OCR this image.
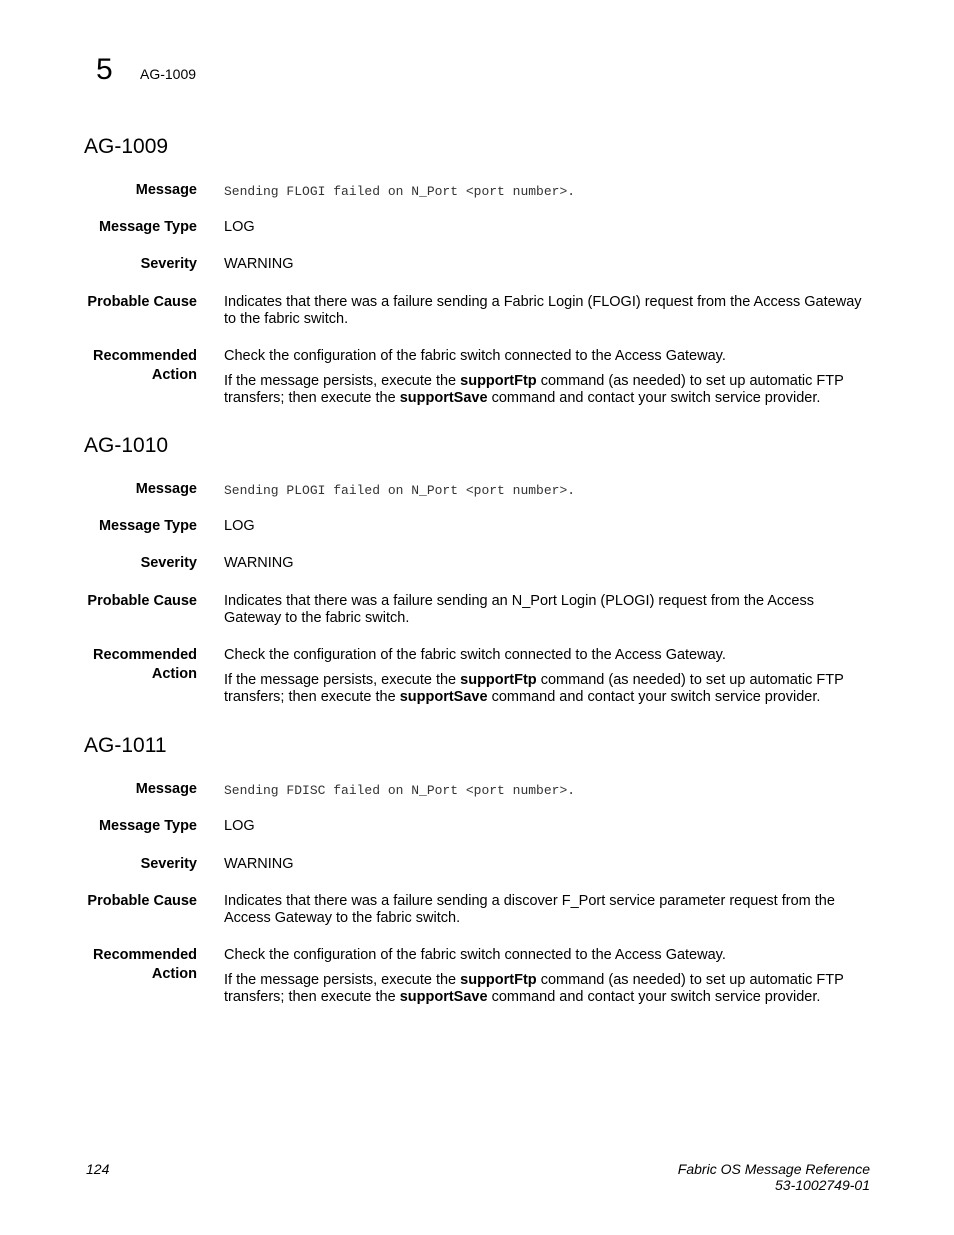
5 AG-1009
AG-1009
Message Sending FLOGI failed on N_Port <port number>.
Message Type LOG
Severity WARNING
Probable Cause Indicates that there was a failure sending a Fabric Login (FLOGI) request from the Access Gateway to the fabric switch.
Recommended
Action

Check the configuration of the fabric switch connected to the Access Gateway.

If the message persists, execute the supportFtp command (as needed) to set up automatic FTP transfers; then execute the supportSave command and contact your switch service provider.

AG-1010
Message Sending PLOGI failed on N_Port <port number>.
Message Type LOG
Severity WARNING
Probable Cause Indicates that there was a failure sending an N_Port Login (PLOGI) request from the Access Gateway to the fabric switch.
Recommended
Action

Check the configuration of the fabric switch connected to the Access Gateway.

If the message persists, execute the supportFtp command (as needed) to set up automatic FTP transfers; then execute the supportSave command and contact your switch service provider.

AG-1011
Message Sending FDISC failed on N_Port <port number>.
Message Type LOG
Severity WARNING
Probable Cause Indicates that there was a failure sending a discover F_Port service parameter request from the Access Gateway to the fabric switch.
Recommended
Action

Check the configuration of the fabric switch connected to the Access Gateway.

If the message persists, execute the supportFtp command (as needed) to set up automatic FTP transfers; then execute the supportSave command and contact your switch service provider.

124	Fabric OS Message Reference
53-1002749-01
